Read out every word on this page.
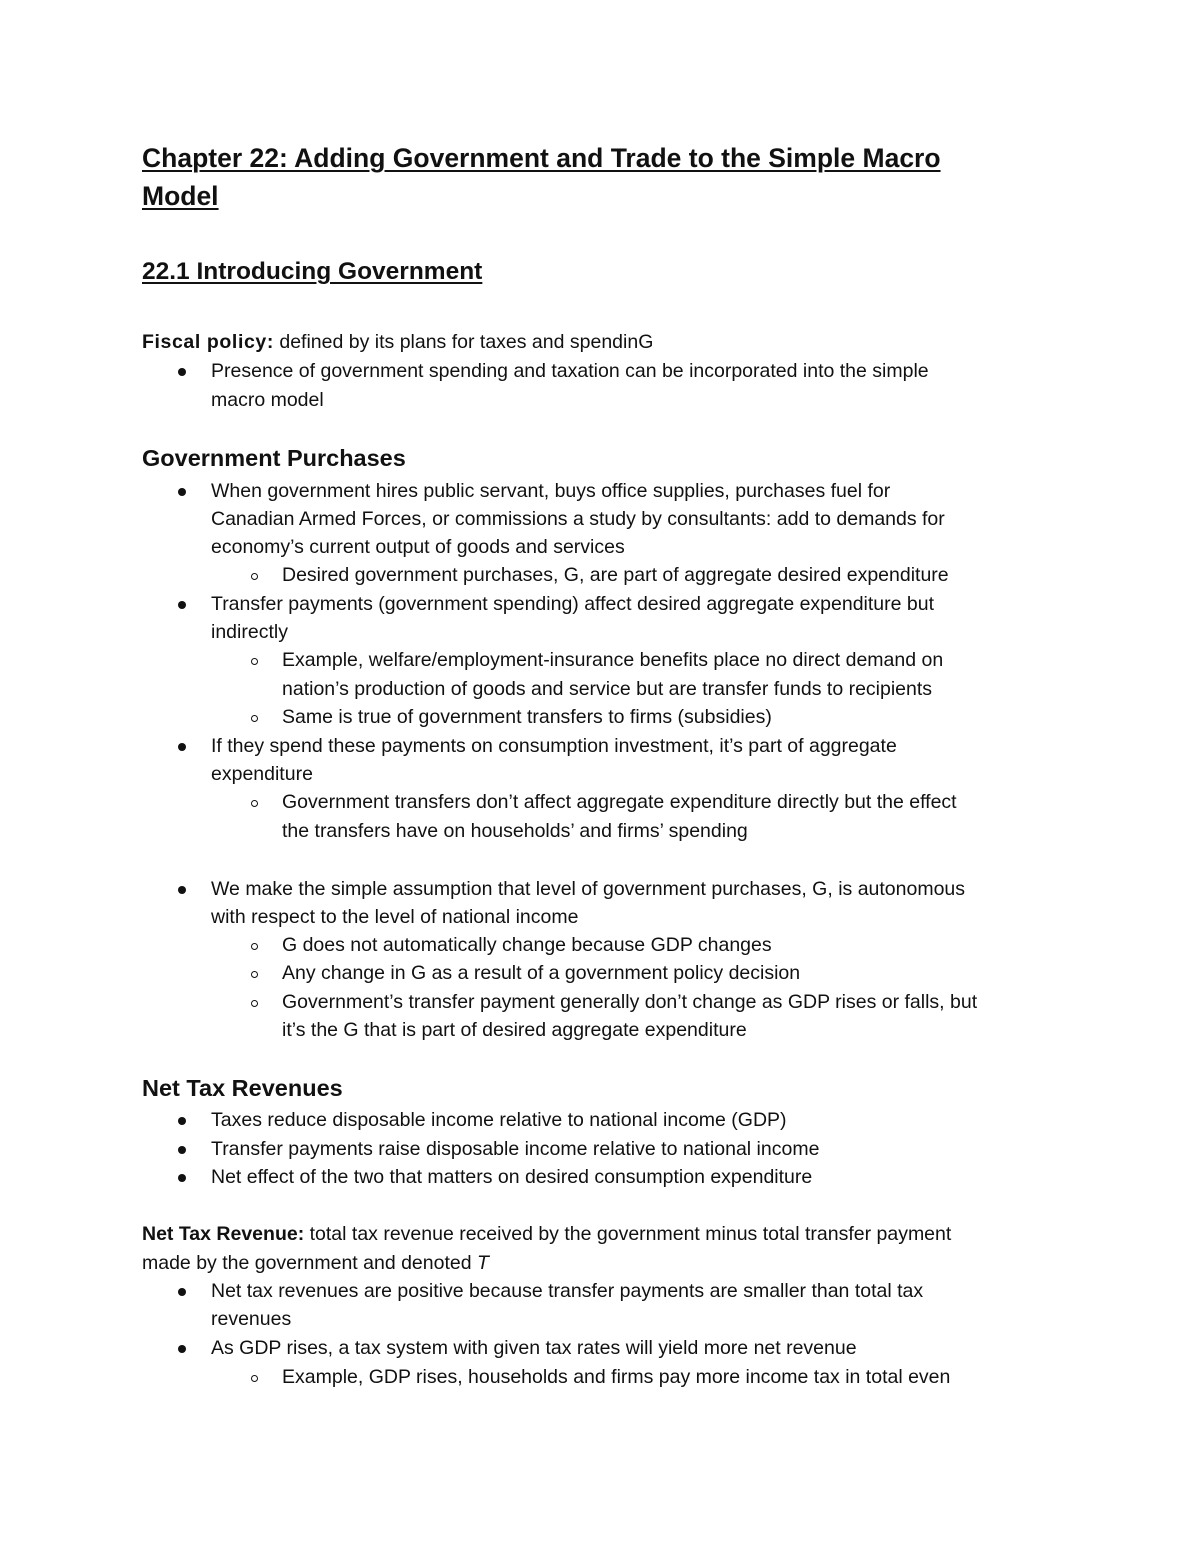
Chapter 22: Adding Government and Trade to the Simple Macro
Model
22.1 Introducing Government
Fiscal policy: defined by its plans for taxes and spendinG
Presence of government spending and taxation can be incorporated into the simple
macro model
Government Purchases
When government hires public servant, buys office supplies, purchases fuel for
Canadian Armed Forces, or commissions a study by consultants: add to demands for
economy’s current output of goods and services
Desired government purchases, G, are part of aggregate desired expenditure
Transfer payments (government spending) affect desired aggregate expenditure but
indirectly
Example, welfare/employment-insurance benefits place no direct demand on
nation’s production of goods and service but are transfer funds to recipients
Same is true of government transfers to firms (subsidies)
If they spend these payments on consumption investment, it’s part of aggregate
expenditure
Government transfers don’t affect aggregate expenditure directly but the effect
the transfers have on households’ and firms’ spending
We make the simple assumption that level of government purchases, G, is autonomous
with respect to the level of national income
G does not automatically change because GDP changes
Any change in G as a result of a government policy decision
Government’s transfer payment generally don’t change as GDP rises or falls, but
it’s the G that is part of desired aggregate expenditure
Net Tax Revenues
Taxes reduce disposable income relative to national income (GDP)
Transfer payments raise disposable income relative to national income
Net effect of the two that matters on desired consumption expenditure
Net Tax Revenue: total tax revenue received by the government minus total transfer payment
made by the government and denoted T
Net tax revenues are positive because transfer payments are smaller than total tax
revenues
As GDP rises, a tax system with given tax rates will yield more net revenue
Example, GDP rises, households and firms pay more income tax in total even
